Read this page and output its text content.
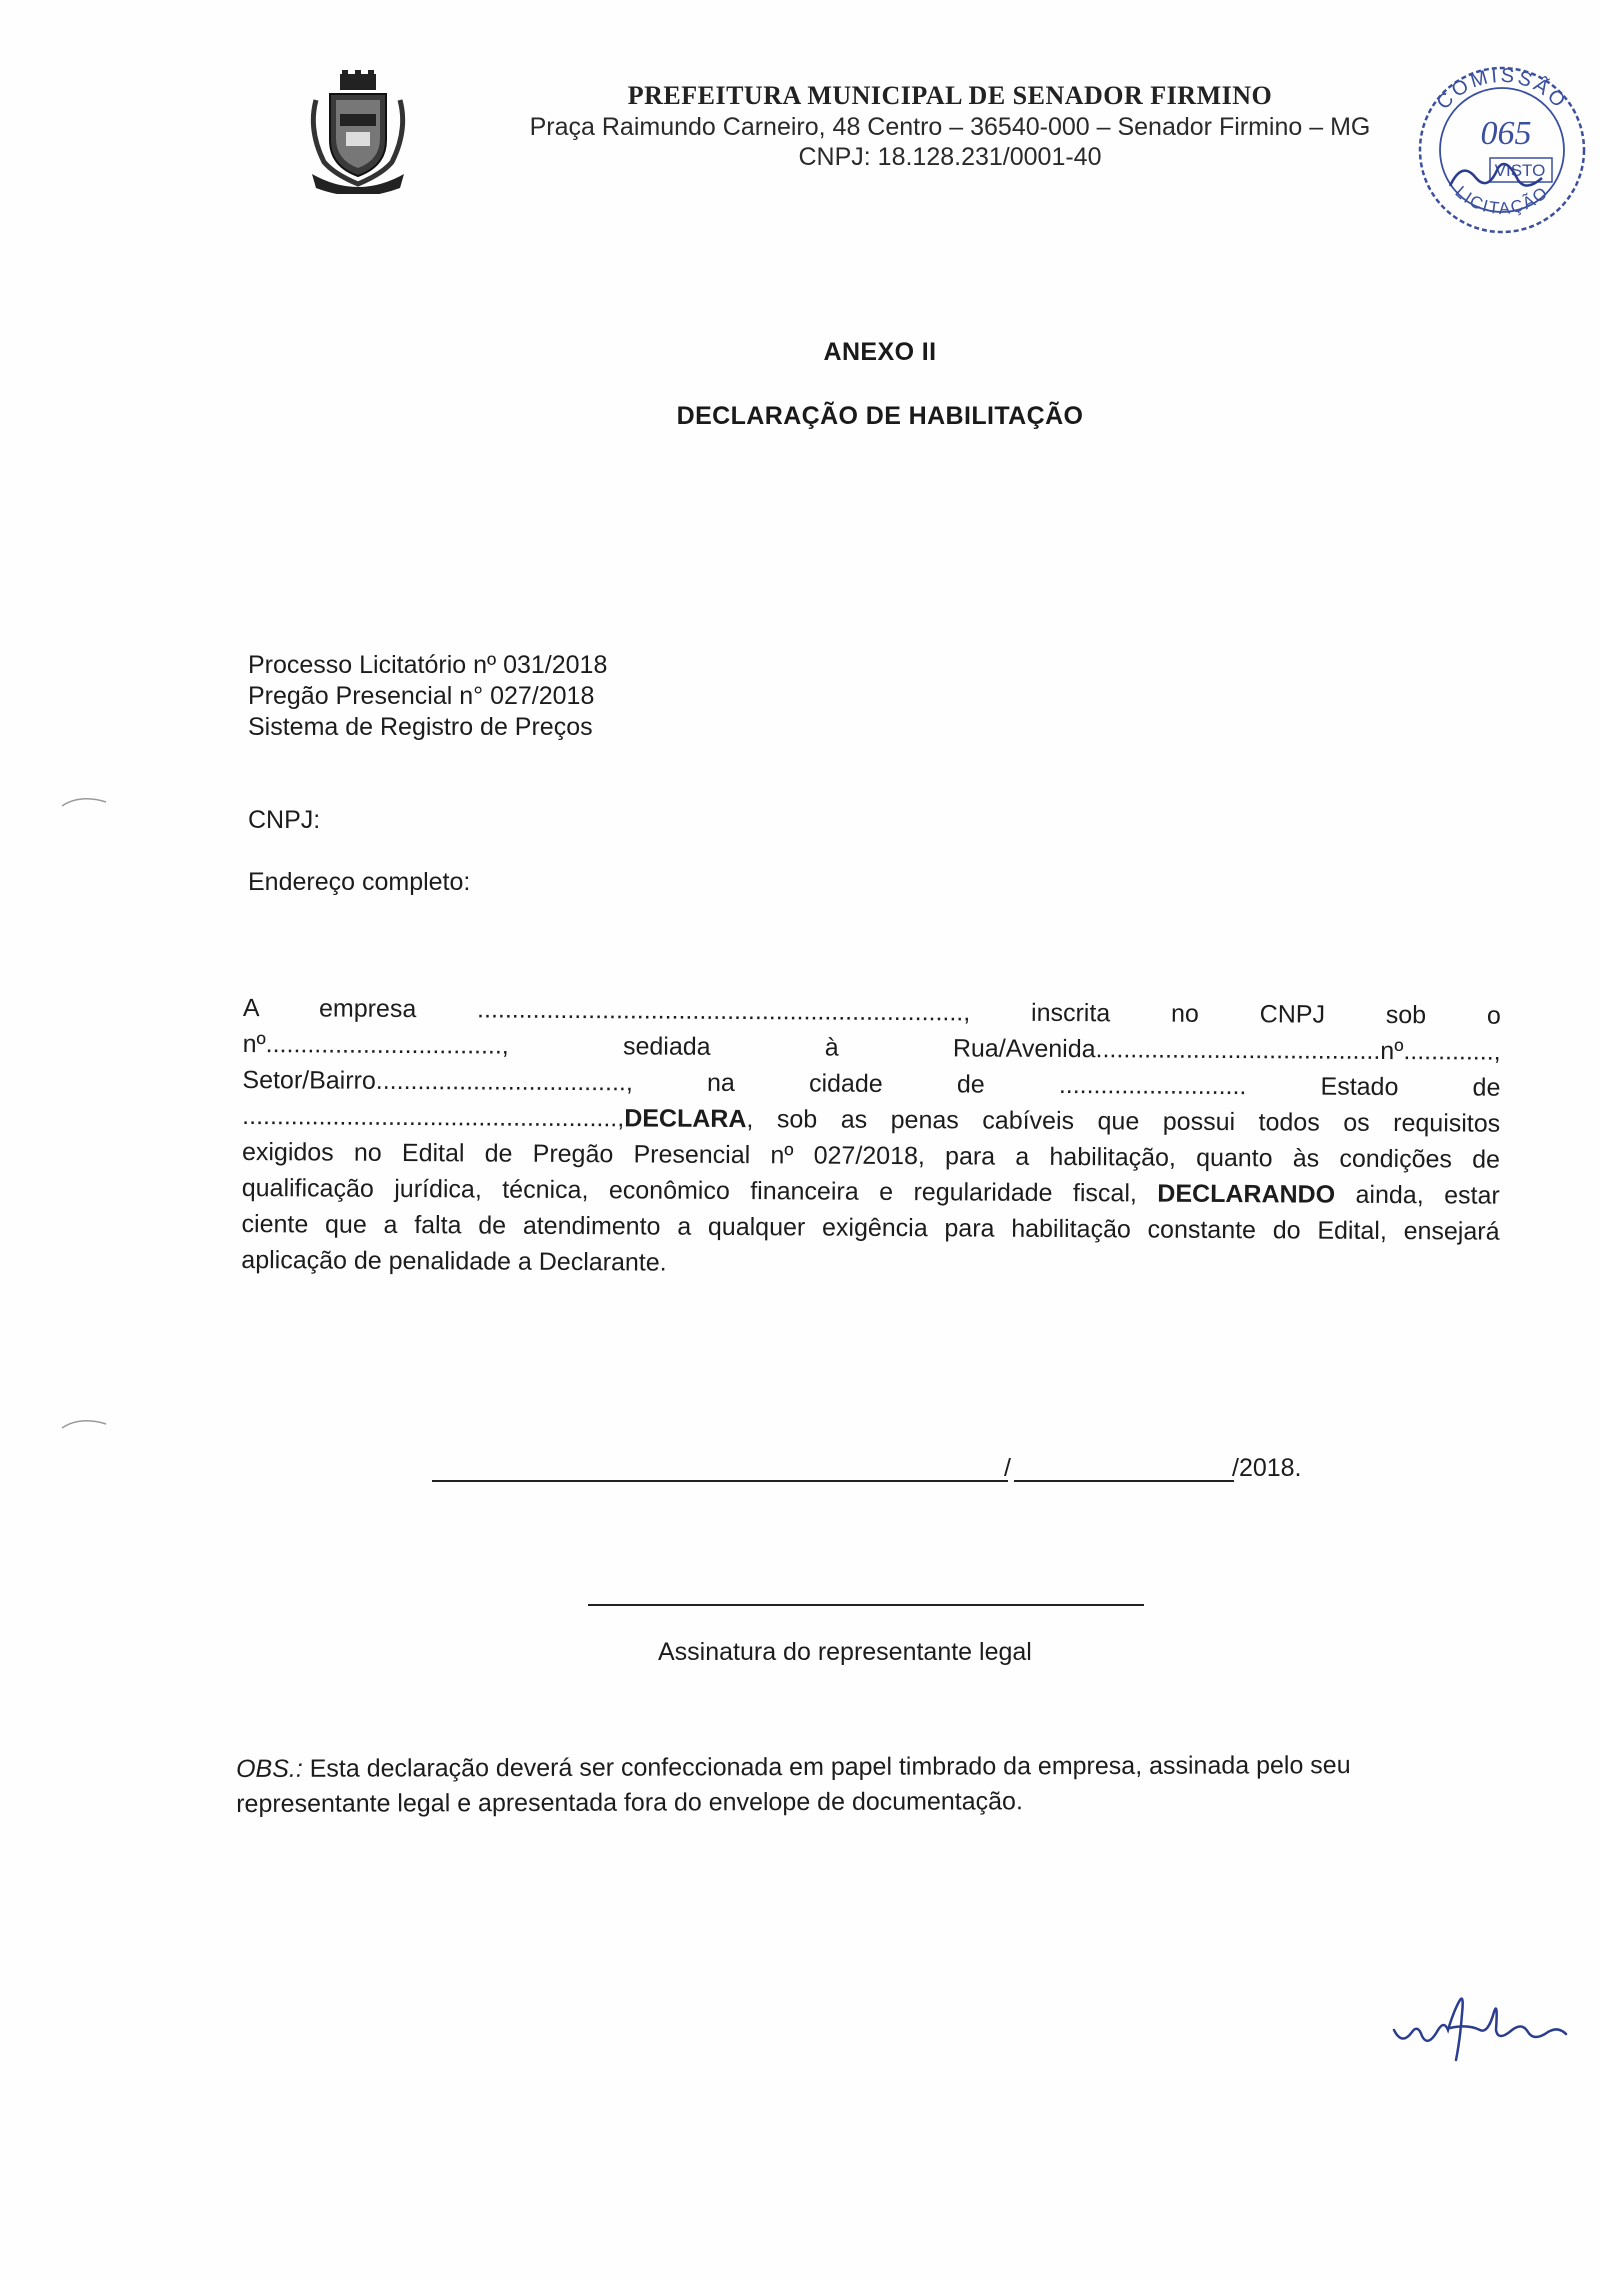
PREFEITURA MUNICIPAL DE SENADOR FIRMINO
Praça Raimundo Carneiro, 48 Centro – 36540-000 – Senador Firmino – MG
CNPJ: 18.128.231/0001-40
COMISSÃO
LICITAÇÃO
065
VISTO
ANEXO II
DECLARAÇÃO DE HABILITAÇÃO
Processo Licitatório nº 031/2018
Pregão Presencial n° 027/2018
Sistema de Registro de Preços
CNPJ:
Endereço completo:
A empresa ......................................................................, inscrita no CNPJ sob o
nº.................................., sediada à Rua/Avenida.........................................nº.............,
Setor/Bairro...................................., na cidade de ........................... Estado de
......................................................,DECLARA, sob as penas cabíveis que possui todos os requisitos
exigidos no Edital de Pregão Presencial nº 027/2018, para a habilitação, quanto às condições de
qualificação jurídica, técnica, econômico financeira e regularidade fiscal, DECLARANDO ainda, estar
ciente que a falta de atendimento a qualquer exigência para habilitação constante do Edital, ensejará
aplicação de penalidade a Declarante.
/	/2018.
Assinatura do representante legal
OBS.: Esta declaração deverá ser confeccionada em papel timbrado da empresa, assinada pelo seu
representante legal e apresentada fora do envelope de documentação.
